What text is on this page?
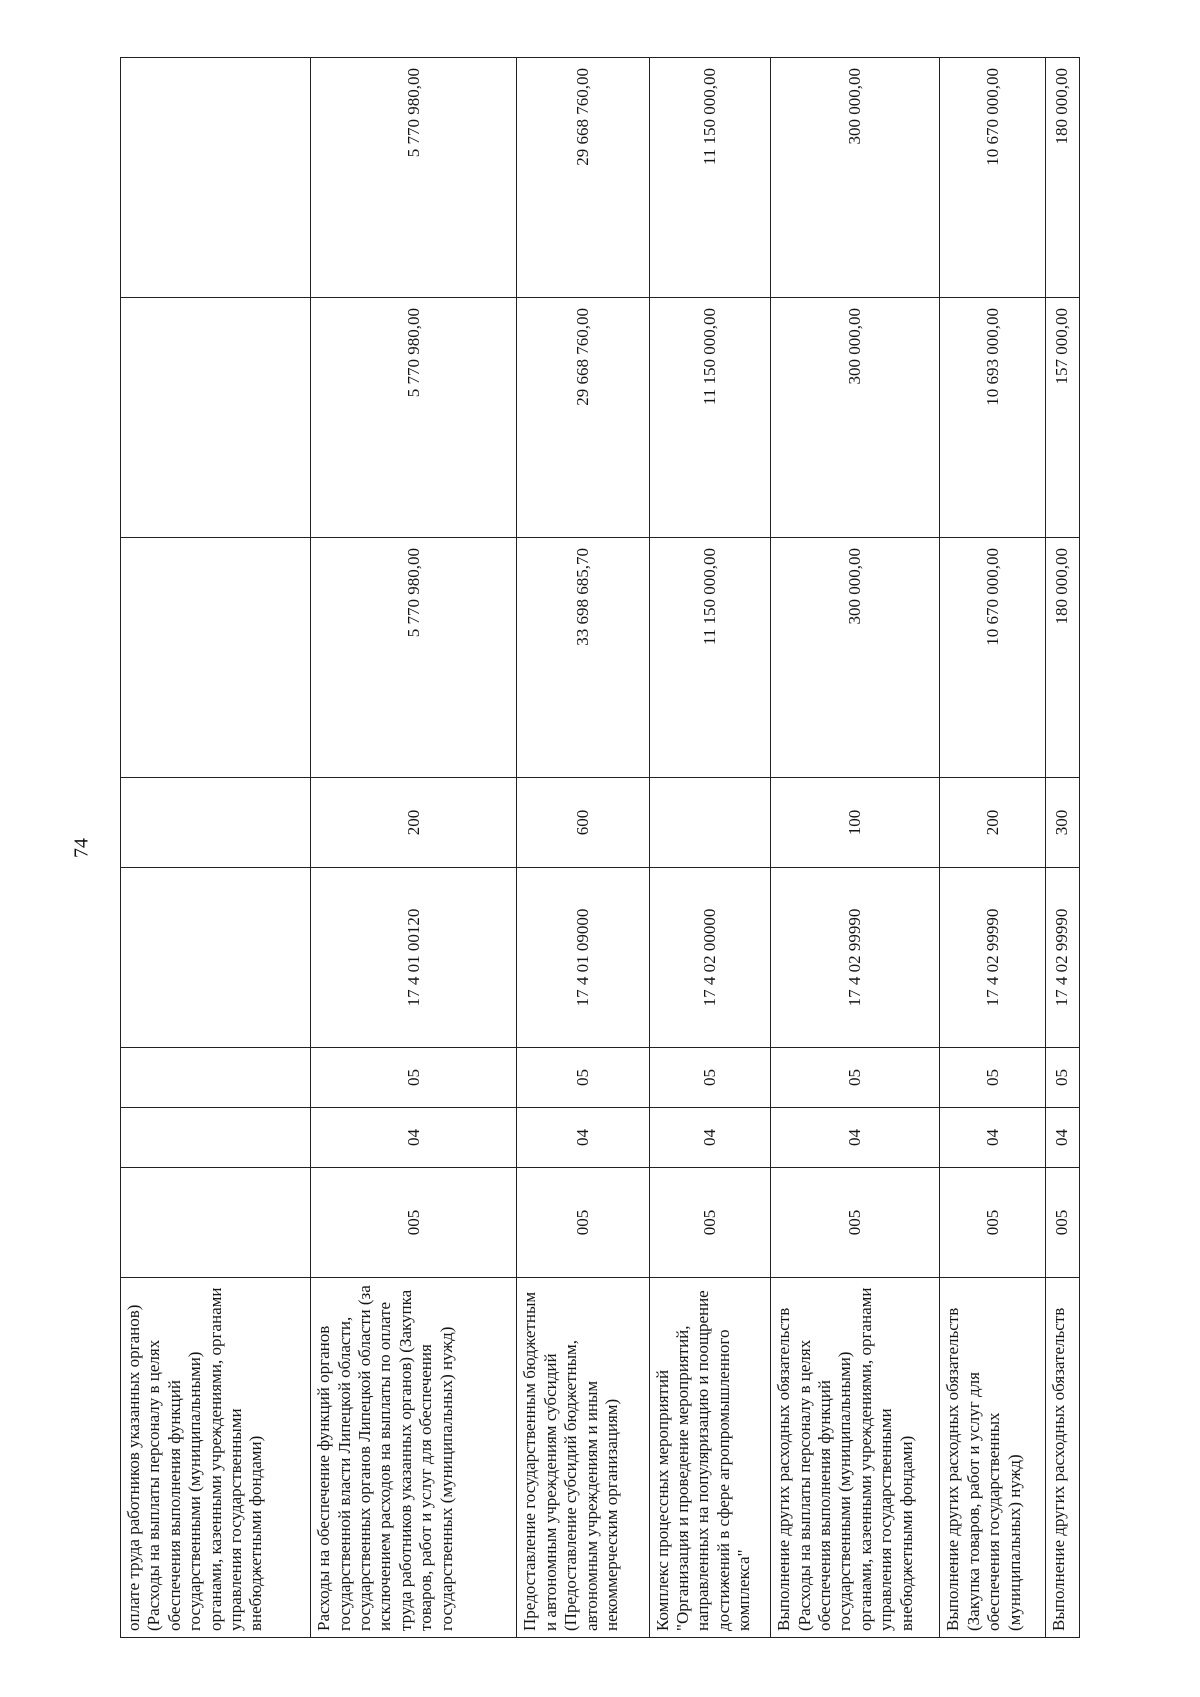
74
оплате труда работников указанных органов) (Расходы на выплаты персоналу в целях обеспечения выполнения функций государственными (муниципальными) органами, казенными учреждениями, органами управления государственными внебюджетными фондами)								
Расходы на обеспечение функций органов государственной власти Липецкой области, государственных органов Липецкой области (за исключением расходов на выплаты по оплате труда работников указанных органов) (Закупка товаров, работ и услуг для обеспечения государственных (муниципальных) нужд)	005	04	05	17 4 01 00120	200	5 770 980,00	5 770 980,00	5 770 980,00
Предоставление государственным бюджетным и автономным учреждениям субсидий (Предоставление субсидий бюджетным, автономным учреждениям и иным некоммерческим организациям)	005	04	05	17 4 01 09000	600	33 698 685,70	29 668 760,00	29 668 760,00
Комплекс процессных мероприятий "Организация и проведение мероприятий, направленных на популяризацию и поощрение достижений в сфере агропромышленного комплекса"	005	04	05	17 4 02 00000		11 150 000,00	11 150 000,00	11 150 000,00
Выполнение других расходных обязательств (Расходы на выплаты персоналу в целях обеспечения выполнения функций государственными (муниципальными) органами, казенными учреждениями, органами управления государственными внебюджетными фондами)	005	04	05	17 4 02 99990	100	300 000,00	300 000,00	300 000,00
Выполнение других расходных обязательств (Закупка товаров, работ и услуг для обеспечения государственных (муниципальных) нужд)	005	04	05	17 4 02 99990	200	10 670 000,00	10 693 000,00	10 670 000,00
Выполнение других расходных обязательств	005	04	05	17 4 02 99990	300	180 000,00	157 000,00	180 000,00
